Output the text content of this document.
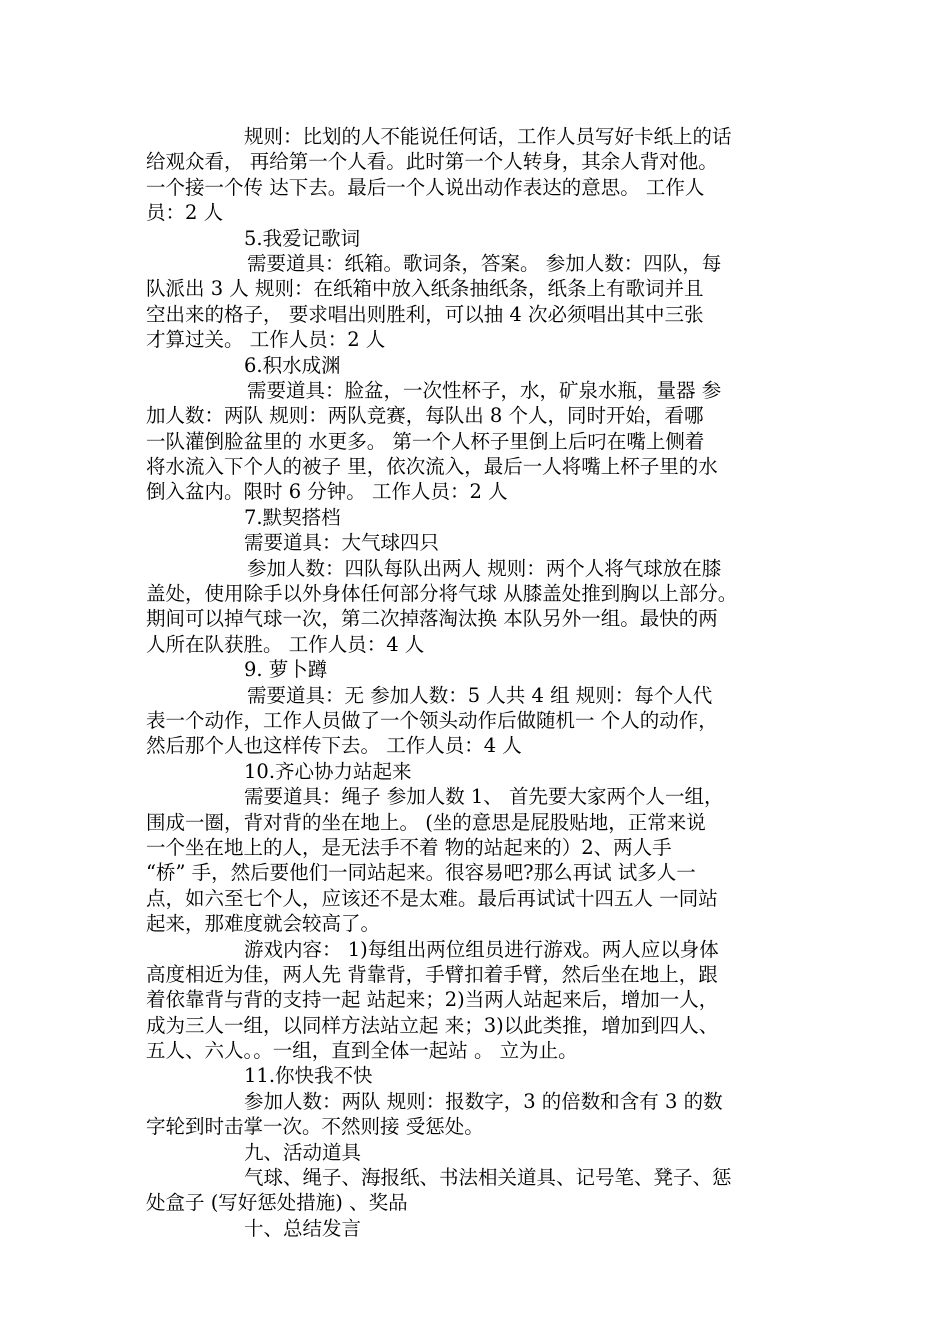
规则：比划的人不能说任何话，工作人员写好卡纸上的话
给观众看， 再给第一个人看。此时第一个人转身，其余人背对他。
一个接一个传 达下去。最后一个人说出动作表达的意思。 工作人
员：2 人
5.我爱记歌词
需要道具：纸箱。歌词条，答案。 参加人数：四队，每
队派出 3 人 规则：在纸箱中放入纸条抽纸条，纸条上有歌词并且
空出来的格子， 要求唱出则胜利，可以抽 4 次必须唱出其中三张
才算过关。 工作人员：2 人
6.积水成渊
需要道具：脸盆，一次性杯子，水，矿泉水瓶，量器 参
加人数：两队 规则：两队竞赛，每队出 8 个人，同时开始，看哪
一队灌倒脸盆里的 水更多。 第一个人杯子里倒上后叼在嘴上侧着
将水流入下个人的被子 里，依次流入，最后一人将嘴上杯子里的水
倒入盆内。限时 6 分钟。 工作人员：2 人
7.默契搭档
需要道具：大气球四只
参加人数：四队每队出两人 规则：两个人将气球放在膝
盖处，使用除手以外身体任何部分将气球 从膝盖处推到胸以上部分。
期间可以掉气球一次，第二次掉落淘汰换 本队另外一组。最快的两
人所在队获胜。 工作人员：4 人
9. 萝卜蹲
需要道具：无 参加人数：5 人共 4 组 规则：每个人代
表一个动作，工作人员做了一个领头动作后做随机一 个人的动作，
然后那个人也这样传下去。 工作人员：4 人
10.齐心协力站起来
需要道具：绳子 参加人数 1、 首先要大家两个人一组，
围成一圈，背对背的坐在地上。 (坐的意思是屁股贴地，正常来说
一个坐在地上的人，是无法手不着 物的站起来的）2、两人手
“桥” 手，然后要他们一同站起来。很容易吧?那么再试 试多人一
点，如六至七个人，应该还不是太难。最后再试试十四五人 一同站
起来，那难度就会较高了。
游戏内容： 1)每组出两位组员进行游戏。两人应以身体
高度相近为佳，两人先 背靠背，手臂扣着手臂，然后坐在地上，跟
着依靠背与背的支持一起 站起来；2)当两人站起来后，增加一人，
成为三人一组，以同样方法站立起 来；3)以此类推，增加到四人、
五人、六人。。一组，直到全体一起站 。 立为止。
11.你快我不快
参加人数：两队 规则：报数字，3 的倍数和含有 3 的数
字轮到时击掌一次。不然则接 受惩处。
九、活动道具
气球、绳子、海报纸、书法相关道具、记号笔、凳子、惩
处盒子 (写好惩处措施) 、奖品
十、总结发言
